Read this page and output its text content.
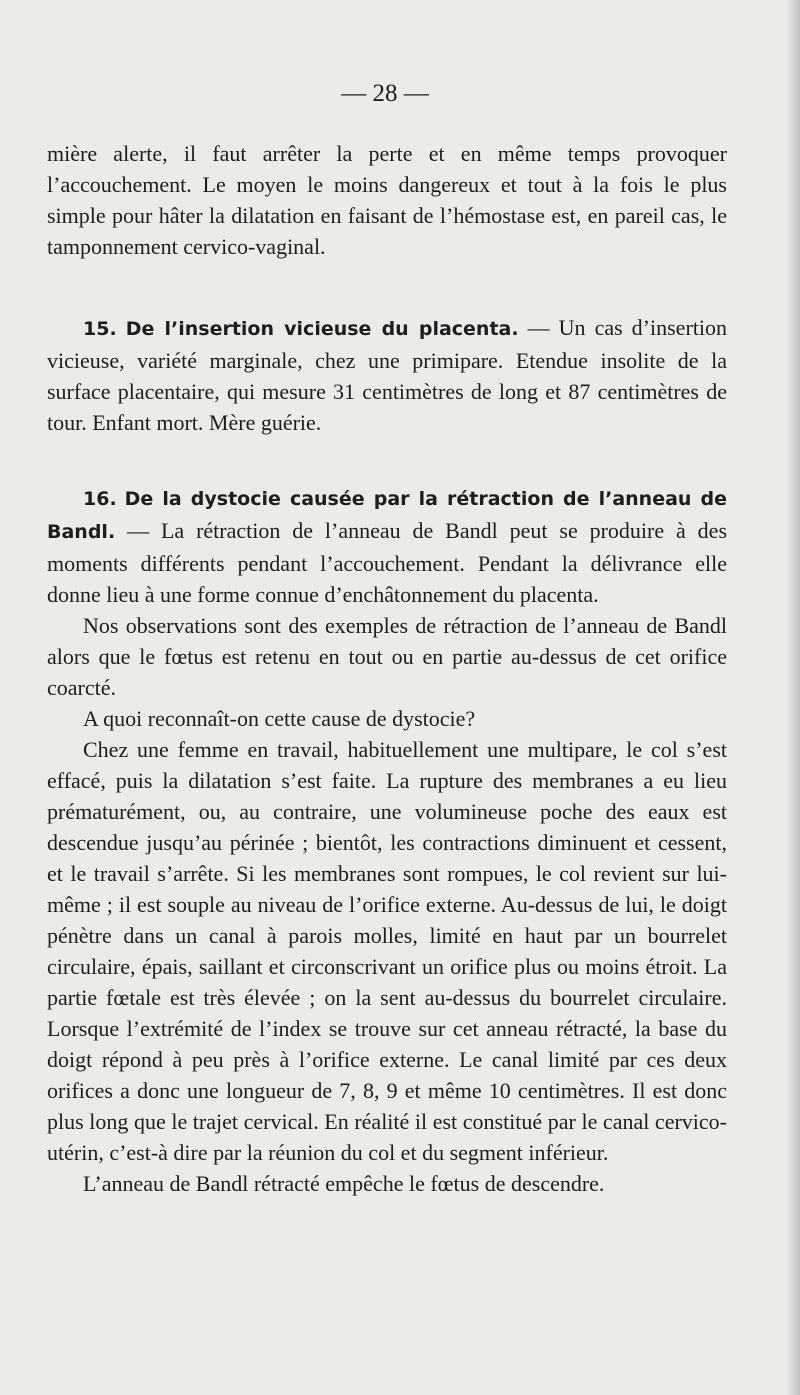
— 28 —

mière alerte, il faut arrêter la perte et en même temps provoquer l’accouchement. Le moyen le moins dangereux et tout à la fois le plus simple pour hâter la dilatation en faisant de l’hémostase est, en pareil cas, le tamponnement cervico-vaginal.

15. De l’insertion vicieuse du placenta. — Un cas d’insertion vicieuse, variété marginale, chez une primipare. Etendue insolite de la surface placentaire, qui mesure 31 centimètres de long et 87 centimètres de tour. Enfant mort. Mère guérie.

16. De la dystocie causée par la rétraction de l’anneau de Bandl. — La rétraction de l’anneau de Bandl peut se produire à des moments différents pendant l’accouchement. Pendant la délivrance elle donne lieu à une forme connue d’enchâtonnement du placenta.

Nos observations sont des exemples de rétraction de l’anneau de Bandl alors que le fœtus est retenu en tout ou en partie au-dessus de cet orifice coarcté.

A quoi reconnaît-on cette cause de dystocie?

Chez une femme en travail, habituellement une multipare, le col s’est effacé, puis la dilatation s’est faite. La rupture des membranes a eu lieu prématurément, ou, au contraire, une volumineuse poche des eaux est descendue jusqu’au périnée ; bientôt, les contractions diminuent et cessent, et le travail s’arrête. Si les membranes sont rompues, le col revient sur lui-même ; il est souple au niveau de l’orifice externe. Au-dessus de lui, le doigt pénètre dans un canal à parois molles, limité en haut par un bourrelet circulaire, épais, saillant et circonscrivant un orifice plus ou moins étroit. La partie fœtale est très élevée ; on la sent au-dessus du bourrelet circulaire. Lorsque l’extrémité de l’index se trouve sur cet anneau rétracté, la base du doigt répond à peu près à l’orifice externe. Le canal limité par ces deux orifices a donc une longueur de 7, 8, 9 et même 10 centimètres. Il est donc plus long que le trajet cervical. En réalité il est constitué par le canal cervico-utérin, c’est-à dire par la réunion du col et du segment inférieur.

L’anneau de Bandl rétracté empêche le fœtus de descendre.
